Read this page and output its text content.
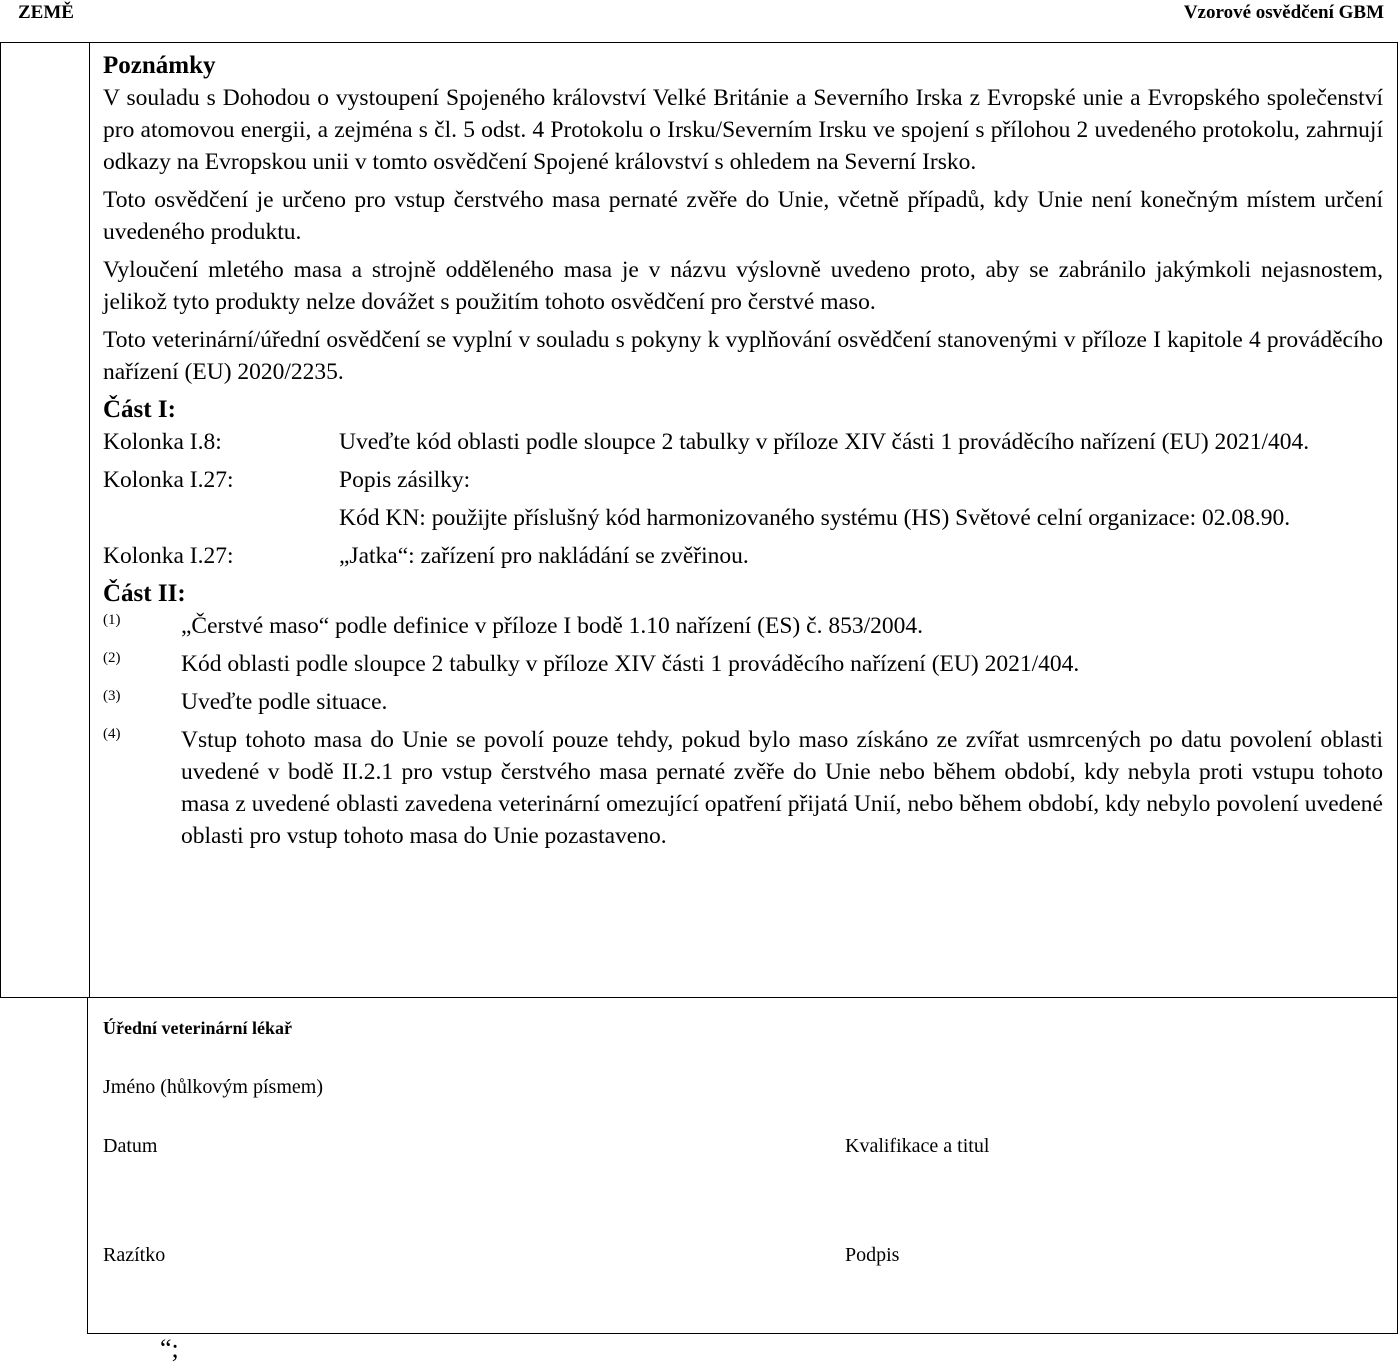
ZEMĚ	Vzorové osvědčení GBM
Poznámky
V souladu s Dohodou o vystoupení Spojeného království Velké Británie a Severního Irska z Evropské unie a Evropského společenství pro atomovou energii, a zejména s čl. 5 odst. 4 Protokolu o Irsku/Severním Irsku ve spojení s přílohou 2 uvedeného protokolu, zahrnují odkazy na Evropskou unii v tomto osvědčení Spojené království s ohledem na Severní Irsko.
Toto osvědčení je určeno pro vstup čerstvého masa pernaté zvěře do Unie, včetně případů, kdy Unie není konečným místem určení uvedeného produktu.
Vyloučení mletého masa a strojně odděleného masa je v názvu výslovně uvedeno proto, aby se zabránilo jakýmkoli nejasnostem, jelikož tyto produkty nelze dovážet s použitím tohoto osvědčení pro čerstvé maso.
Toto veterinární/úřední osvědčení se vyplní v souladu s pokyny k vyplňování osvědčení stanovenými v příloze I kapitole 4 prováděcího nařízení (EU) 2020/2235.
Část I:
Kolonka I.8:	Uveďte kód oblasti podle sloupce 2 tabulky v příloze XIV části 1 prováděcího nařízení (EU) 2021/404.
Kolonka I.27:	Popis zásilky:
Kód KN: použijte příslušný kód harmonizovaného systému (HS) Světové celní organizace: 02.08.90.
Kolonka I.27:	„Jatka“: zařízení pro nakládání se zvěřinou.
Část II:
(1)	„Čerstvé maso“ podle definice v příloze I bodě 1.10 nařízení (ES) č. 853/2004.
(2)	Kód oblasti podle sloupce 2 tabulky v příloze XIV části 1 prováděcího nařízení (EU) 2021/404.
(3)	Uveďte podle situace.
(4)	Vstup tohoto masa do Unie se povolí pouze tehdy, pokud bylo maso získáno ze zvířat usmrcených po datu povolení oblasti uvedené v bodě II.2.1 pro vstup čerstvého masa pernaté zvěře do Unie nebo během období, kdy nebyla proti vstupu tohoto masa z uvedené oblasti zavedena veterinární omezující opatření přijatá Unií, nebo během období, kdy nebylo povolení uvedené oblasti pro vstup tohoto masa do Unie pozastaveno.
Úřední veterinární lékař
Jméno (hůlkovým písmem)
Datum	Kvalifikace a titul
Razítko	Podpis
“;
